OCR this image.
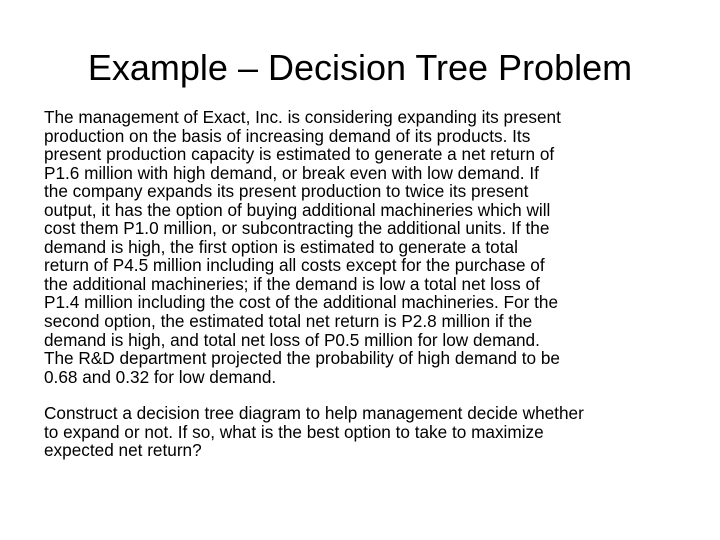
Example – Decision Tree Problem

The management of Exact, Inc. is considering expanding its present
production on the basis of increasing demand of its products. Its
present production capacity is estimated to generate a net return of
P1.6 million with high demand, or break even with low demand. If
the company expands its present production to twice its present
output, it has the option of buying additional machineries which will
cost them P1.0 million, or subcontracting the additional units. If the
demand is high, the first option is estimated to generate a total
return of P4.5 million including all costs except for the purchase of
the additional machineries; if the demand is low a total net loss of
P1.4 million including the cost of the additional machineries. For the
second option, the estimated total net return is P2.8 million if the
demand is high, and total net loss of P0.5 million for low demand.
The R&D department projected the probability of high demand to be
0.68 and 0.32 for low demand.

Construct a decision tree diagram to help management decide whether
to expand or not. If so, what is the best option to take to maximize
expected net return?
